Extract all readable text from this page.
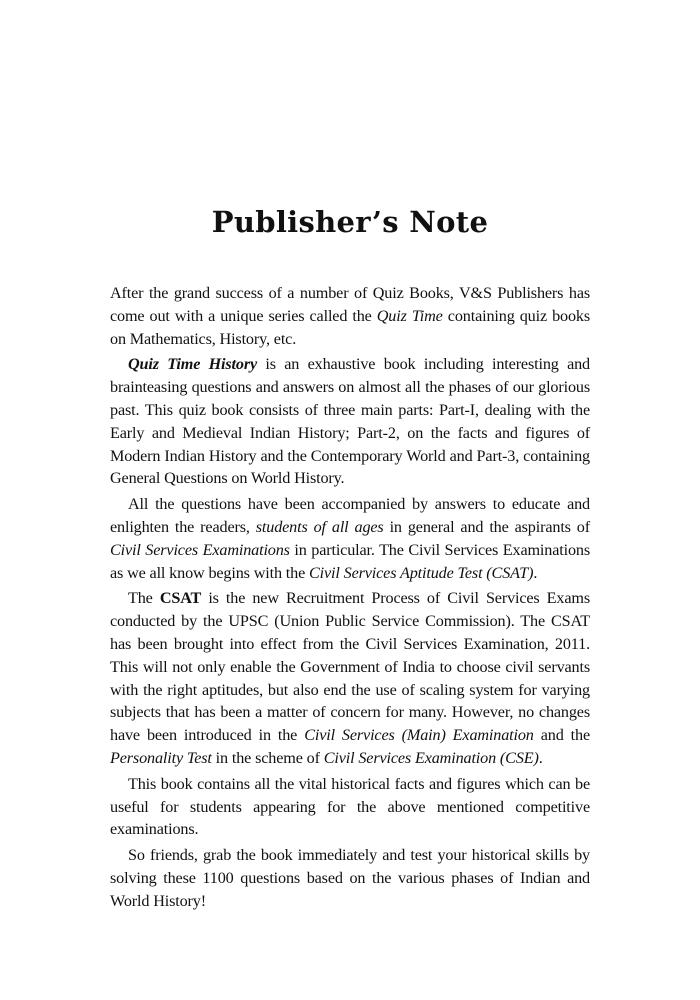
Publisher’s Note

After the grand success of a number of Quiz Books, V&S Publishers has come out with a unique series called the Quiz Time containing quiz books on Mathematics, History, etc.

Quiz Time History is an exhaustive book including interesting and brainteasing questions and answers on almost all the phases of our glorious past. This quiz book consists of three main parts: Part-I, dealing with the Early and Medieval Indian History; Part-2, on the facts and figures of Modern Indian History and the Contemporary World and Part-3, containing General Questions on World History.

All the questions have been accompanied by answers to educate and enlighten the readers, students of all ages in general and the aspirants of Civil Services Examinations in particular. The Civil Services Examinations as we all know begins with the Civil Services Aptitude Test (CSAT).

The CSAT is the new Recruitment Process of Civil Services Exams conducted by the UPSC (Union Public Service Commission). The CSAT has been brought into effect from the Civil Services Examination, 2011. This will not only enable the Government of India to choose civil servants with the right aptitudes, but also end the use of scaling system for varying subjects that has been a matter of concern for many. However, no changes have been introduced in the Civil Services (Main) Examination and the Personality Test in the scheme of Civil Services Examination (CSE).

This book contains all the vital historical facts and figures which can be useful for students appearing for the above mentioned competitive examinations.

So friends, grab the book immediately and test your historical skills by solving these 1100 questions based on the various phases of Indian and World History!
